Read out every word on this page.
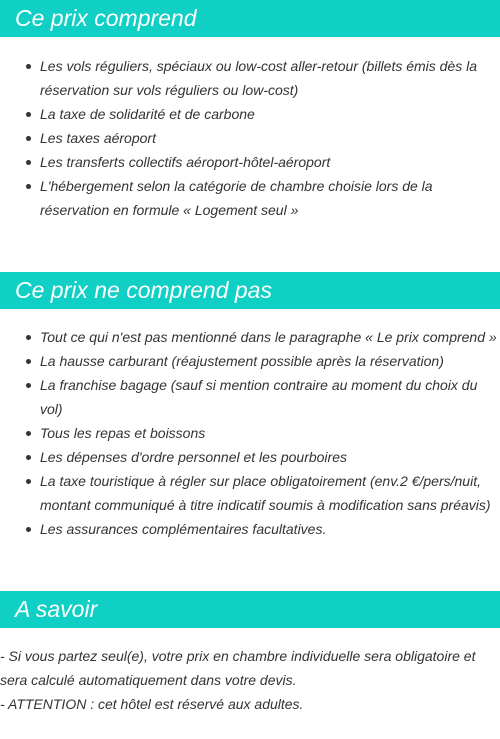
Ce prix comprend
Les vols réguliers, spéciaux ou low-cost aller-retour (billets émis dès la réservation sur vols réguliers ou low-cost)
La taxe de solidarité et de carbone
Les taxes aéroport
Les transferts collectifs aéroport-hôtel-aéroport
L'hébergement selon la catégorie de chambre choisie lors de la réservation en formule « Logement seul »
Ce prix ne comprend pas
Tout ce qui n'est pas mentionné dans le paragraphe « Le prix comprend »
La hausse carburant (réajustement possible après la réservation)
La franchise bagage (sauf si mention contraire au moment du choix du vol)
Tous les repas et boissons
Les dépenses d'ordre personnel et les pourboires
La taxe touristique à régler sur place obligatoirement (env.2 €/pers/nuit, montant communiqué à titre indicatif soumis à modification sans préavis)
Les assurances complémentaires facultatives.
A savoir

- Si vous partez seul(e), votre prix en chambre individuelle sera obligatoire et sera calculé automatiquement dans votre devis.

- ATTENTION : cet hôtel est réservé aux adultes.
